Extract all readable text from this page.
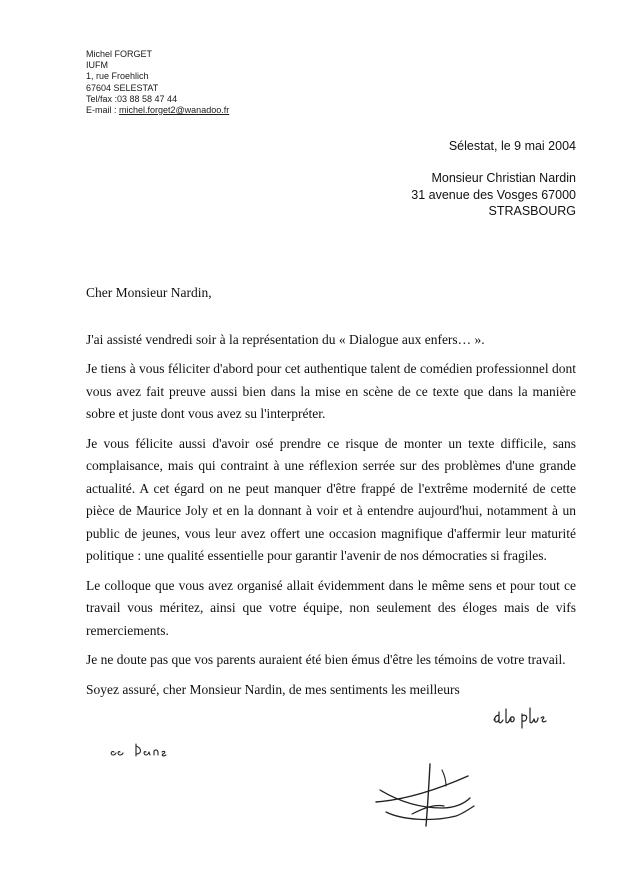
Michel FORGET
IUFM
1, rue Froehlich
67604 SELESTAT
Tel/fax :03 88 58 47 44
E-mail : michel.forget2@wanadoo.fr
Sélestat, le 9 mai 2004
Monsieur Christian Nardin
31 avenue des Vosges 67000
STRASBOURG

Cher Monsieur Nardin,

J'ai assisté vendredi soir à la représentation du « Dialogue aux enfers… ».

Je tiens à vous féliciter d'abord pour cet authentique talent de comédien professionnel dont vous avez fait preuve aussi bien dans la mise en scène de ce texte que dans la manière sobre et juste dont vous avez su l'interpréter.

Je vous félicite aussi d'avoir osé prendre ce risque de monter un texte difficile, sans complaisance, mais qui contraint à une réflexion serrée sur des problèmes d'une grande actualité. A cet égard on ne peut manquer d'être frappé de l'extrême modernité de cette pièce de Maurice Joly et en la donnant à voir et à entendre aujourd'hui, notamment à un public de jeunes, vous leur avez offert une occasion magnifique d'affermir leur maturité politique : une qualité essentielle pour garantir l'avenir de nos démocraties si fragiles.

Le colloque que vous avez organisé allait évidemment dans le même sens et pour tout ce travail vous méritez, ainsi que votre équipe, non seulement des éloges mais de vifs remerciements.

Je ne doute pas que vos parents auraient été bien émus d'être les témoins de votre travail.

Soyez assuré, cher Monsieur Nardin, de mes sentiments les meilleurs
